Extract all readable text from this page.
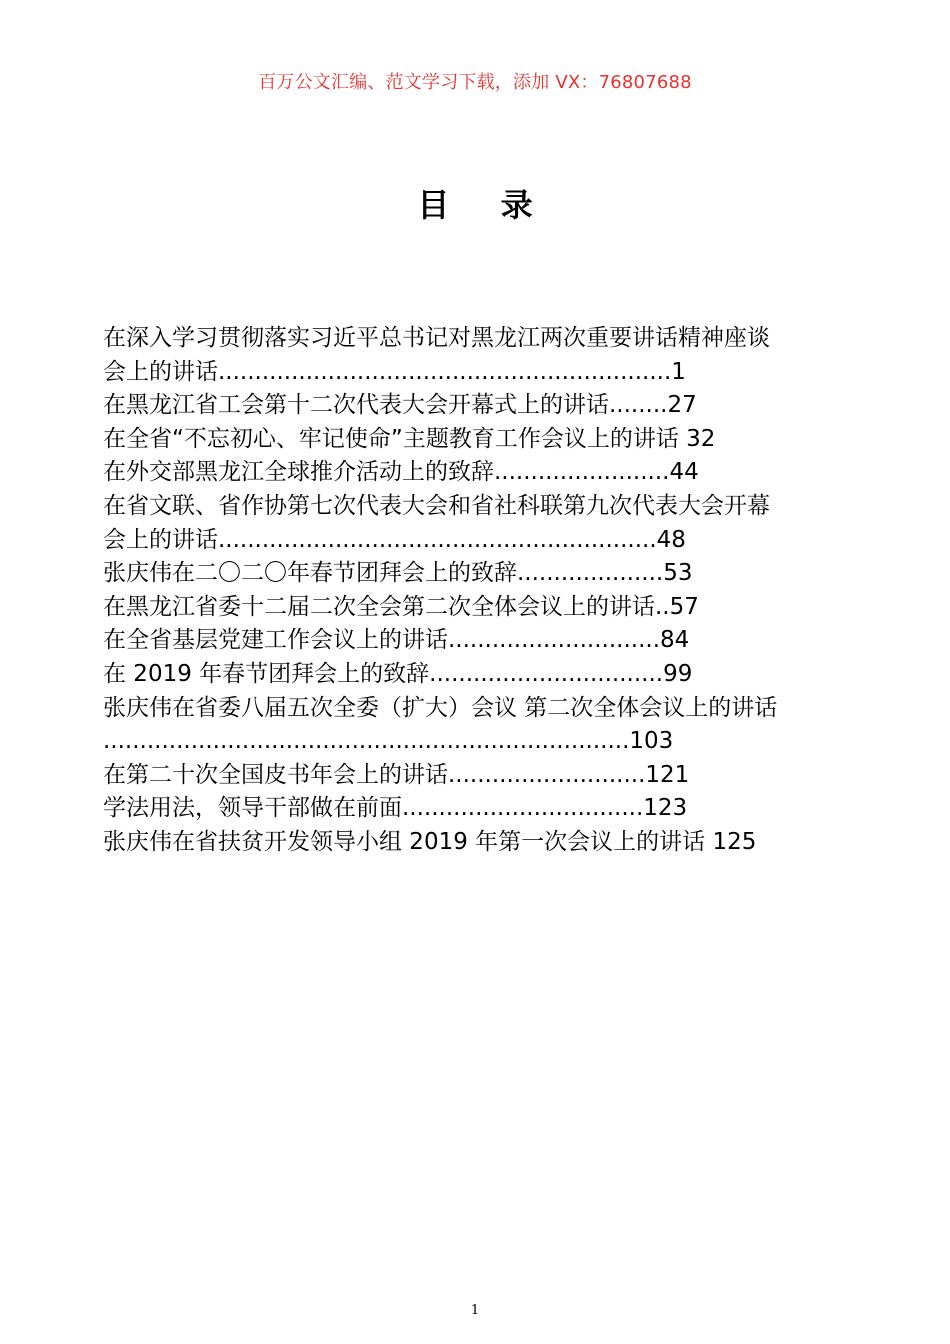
百万公文汇编、范文学习下载，添加 VX：76807688
目 录
在深入学习贯彻落实习近平总书记对黑龙江两次重要讲话精神座谈
会上的讲话..............................................................1
在黑龙江省工会第十二次代表大会开幕式上的讲话........27
在全省“不忘初心、牢记使命”主题教育工作会议上的讲话 32
在外交部黑龙江全球推介活动上的致辞........................44
在省文联、省作协第七次代表大会和省社科联第九次代表大会开幕
会上的讲话............................................................48
张庆伟在二〇二〇年春节团拜会上的致辞....................53
在黑龙江省委十二届二次全会第二次全体会议上的讲话..57
在全省基层党建工作会议上的讲话.............................84
在 2019 年春节团拜会上的致辞................................99
张庆伟在省委八届五次全委（扩大）会议 第二次全体会议上的讲话
........................................................................103
在第二十次全国皮书年会上的讲话...........................121
学法用法，领导干部做在前面.................................123
张庆伟在省扶贫开发领导小组 2019 年第一次会议上的讲话 125
1
